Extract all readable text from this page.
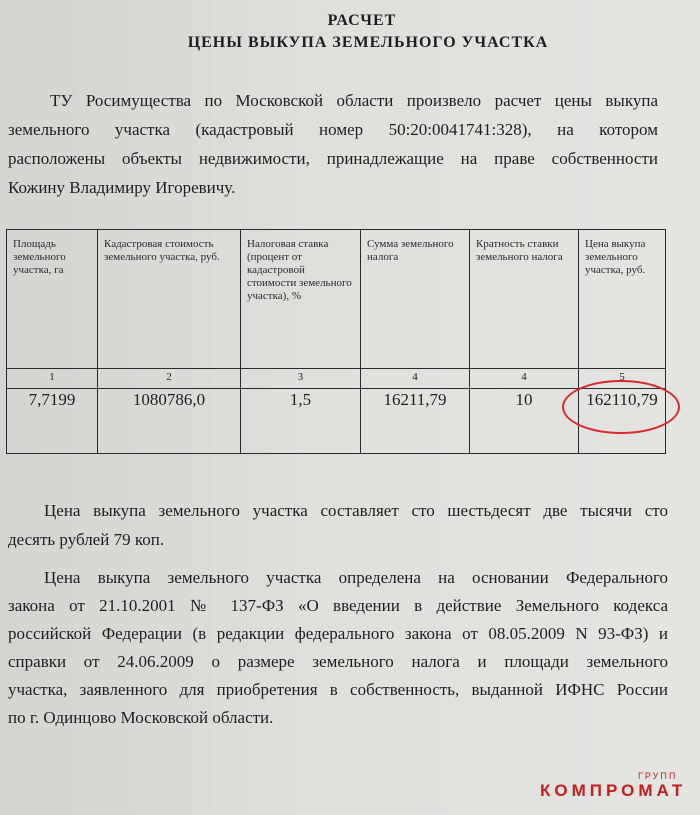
РАСЧЕТ
ЦЕНЫ ВЫКУПА ЗЕМЕЛЬНОГО УЧАСТКА
ТУ Росимущества по Московской области произвело расчет цены выкупа
земельного участка (кадастровый номер 50:20:0041741:328), на котором
расположены объекты недвижимости, принадлежащие на праве собственности
Кожину Владимиру Игоревичу.
Площадь земельного участка, га	Кадастровая стоимость земельного участка, руб.	Налоговая ставка (процент от кадастровой стоимости земельного участка), %	Сумма земельного налога	Кратность ставки земельного налога	Цена выкупа земельного участка, руб.
1	2	3	4	4	5
7,7199	1080786,0	1,5	16211,79	10	162110,79
Цена выкупа земельного участка составляет сто шестьдесят две тысячи сто
десять рублей 79 коп.
Цена выкупа земельного участка определена на основании Федерального
закона от 21.10.2001 № 137-ФЗ «О введении в действие Земельного кодекса
российской Федерации (в редакции федерального закона от 08.05.2009 N 93-ФЗ) и
справки от 24.06.2009 о размере земельного налога и площади земельного
участка, заявленного для приобретения в собственность, выданной ИФНС России
по г. Одинцово Московской области.
ГРУПП
КОМПРОМАТ
